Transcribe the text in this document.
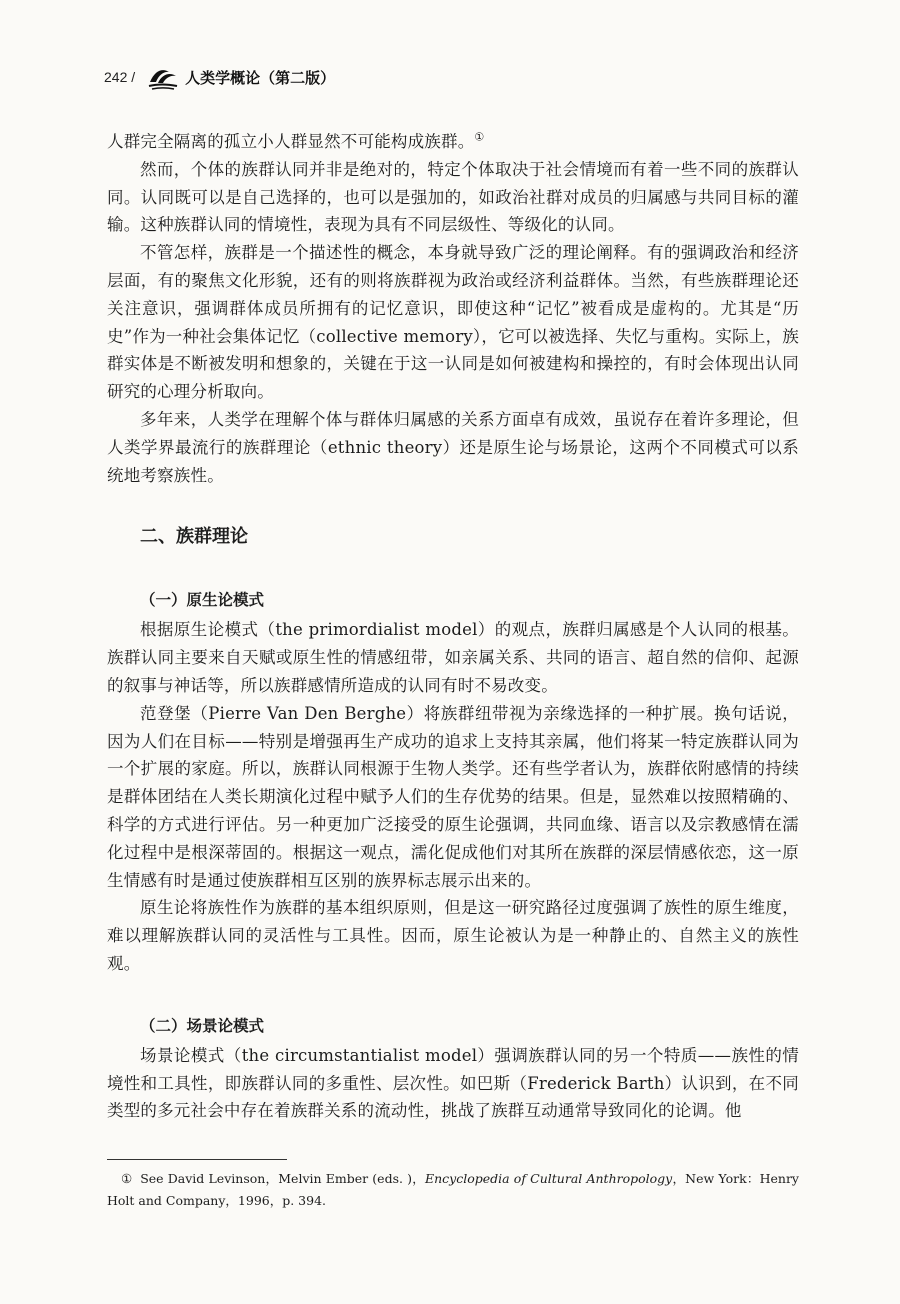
242 /	人类学概论（第二版）

人群完全隔离的孤立小人群显然不可能构成族群。①

然而，个体的族群认同并非是绝对的，特定个体取决于社会情境而有着一些不同的族群认同。认同既可以是自己选择的，也可以是强加的，如政治社群对成员的归属感与共同目标的灌输。这种族群认同的情境性，表现为具有不同层级性、等级化的认同。

不管怎样，族群是一个描述性的概念，本身就导致广泛的理论阐释。有的强调政治和经济层面，有的聚焦文化形貌，还有的则将族群视为政治或经济利益群体。当然，有些族群理论还关注意识，强调群体成员所拥有的记忆意识，即使这种“记忆”被看成是虚构的。尤其是“历史”作为一种社会集体记忆（collective memory），它可以被选择、失忆与重构。实际上，族群实体是不断被发明和想象的，关键在于这一认同是如何被建构和操控的，有时会体现出认同研究的心理分析取向。

多年来，人类学在理解个体与群体归属感的关系方面卓有成效，虽说存在着许多理论，但人类学界最流行的族群理论（ethnic theory）还是原生论与场景论，这两个不同模式可以系统地考察族性。

二、族群理论
（一）原生论模式

根据原生论模式（the primordialist model）的观点，族群归属感是个人认同的根基。族群认同主要来自天赋或原生性的情感纽带，如亲属关系、共同的语言、超自然的信仰、起源的叙事与神话等，所以族群感情所造成的认同有时不易改变。

范登堡（Pierre Van Den Berghe）将族群纽带视为亲缘选择的一种扩展。换句话说，因为人们在目标——特别是增强再生产成功的追求上支持其亲属，他们将某一特定族群认同为一个扩展的家庭。所以，族群认同根源于生物人类学。还有些学者认为，族群依附感情的持续是群体团结在人类长期演化过程中赋予人们的生存优势的结果。但是，显然难以按照精确的、科学的方式进行评估。另一种更加广泛接受的原生论强调，共同血缘、语言以及宗教感情在濡化过程中是根深蒂固的。根据这一观点，濡化促成他们对其所在族群的深层情感依恋，这一原生情感有时是通过使族群相互区别的族界标志展示出来的。

原生论将族性作为族群的基本组织原则，但是这一研究路径过度强调了族性的原生维度，难以理解族群认同的灵活性与工具性。因而，原生论被认为是一种静止的、自然主义的族性观。

（二）场景论模式

场景论模式（the circumstantialist model）强调族群认同的另一个特质——族性的情境性和工具性，即族群认同的多重性、层次性。如巴斯（Frederick Barth）认识到，在不同类型的多元社会中存在着族群关系的流动性，挑战了族群互动通常导致同化的论调。他

① See David Levinson，Melvin Ember (eds. )，Encyclopedia of Cultural Anthropology，New York：Henry Holt and Company，1996，p. 394.
